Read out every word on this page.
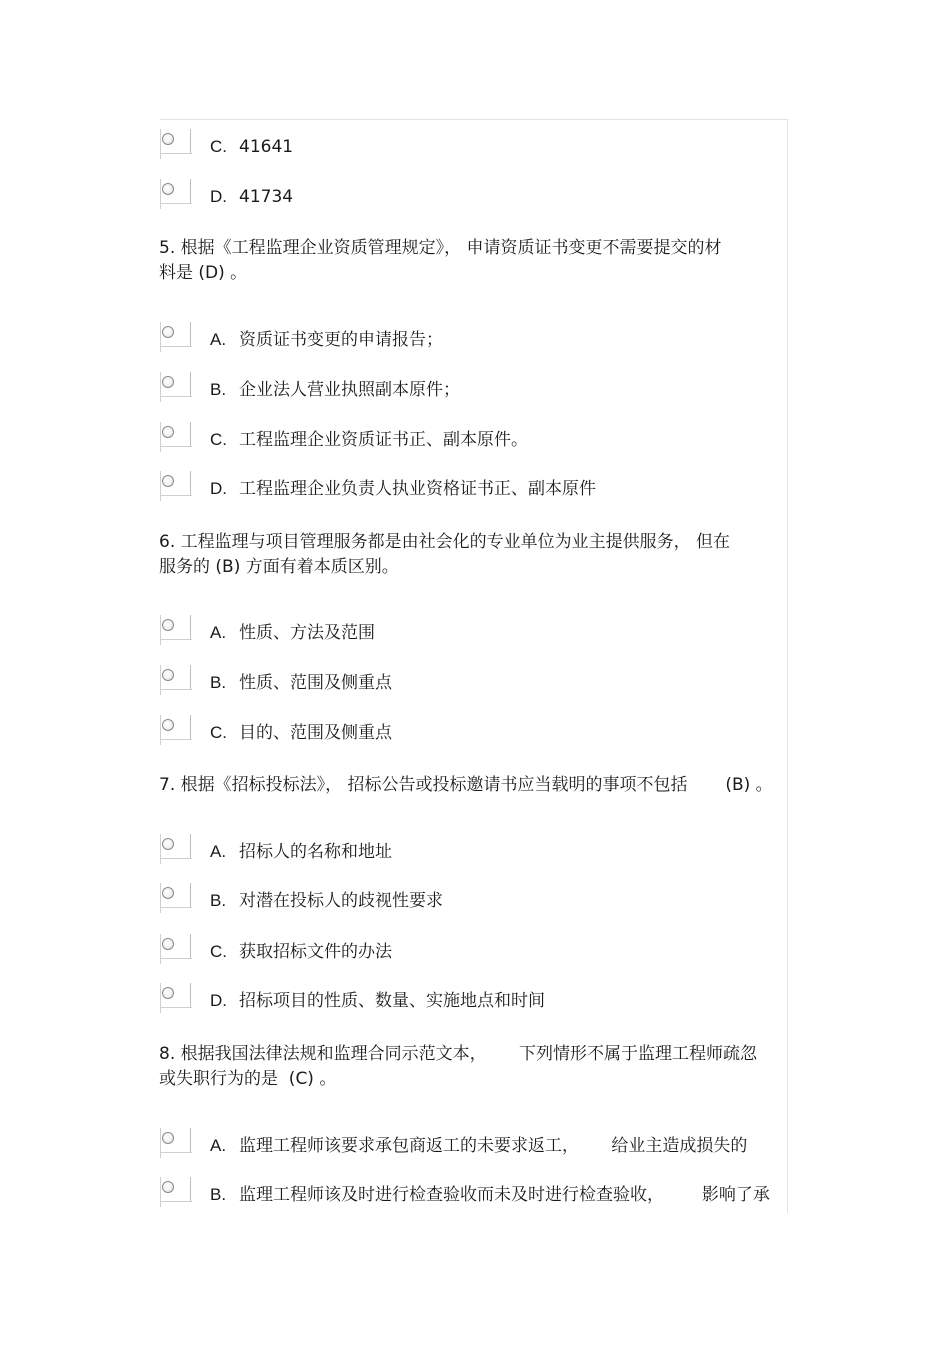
C. 41641
D. 41734
5. 根据《工程监理企业资质管理规定》， 申请资质证书变更不需要提交的材
料是 (D) 。
A. 资质证书变更的申请报告；
B. 企业法人营业执照副本原件；
C. 工程监理企业资质证书正、副本原件。
D. 工程监理企业负责人执业资格证书正、副本原件
6. 工程监理与项目管理服务都是由社会化的专业单位为业主提供服务， 但在
服务的 (B) 方面有着本质区别。
A. 性质、方法及范围
B. 性质、范围及侧重点
C. 目的、范围及侧重点
7. 根据《招标投标法》， 招标公告或投标邀请书应当载明的事项不包括       (B) 。
A. 招标人的名称和地址
B. 对潜在投标人的歧视性要求
C. 获取招标文件的办法
D. 招标项目的性质、数量、实施地点和时间
8. 根据我国法律法规和监理合同示范文本，      下列情形不属于监理工程师疏忽
或失职行为的是  (C) 。
A. 监理工程师该要求承包商返工的未要求返工，      给业主造成损失的
B. 监理工程师该及时进行检查验收而未及时进行检查验收，       影响了承
